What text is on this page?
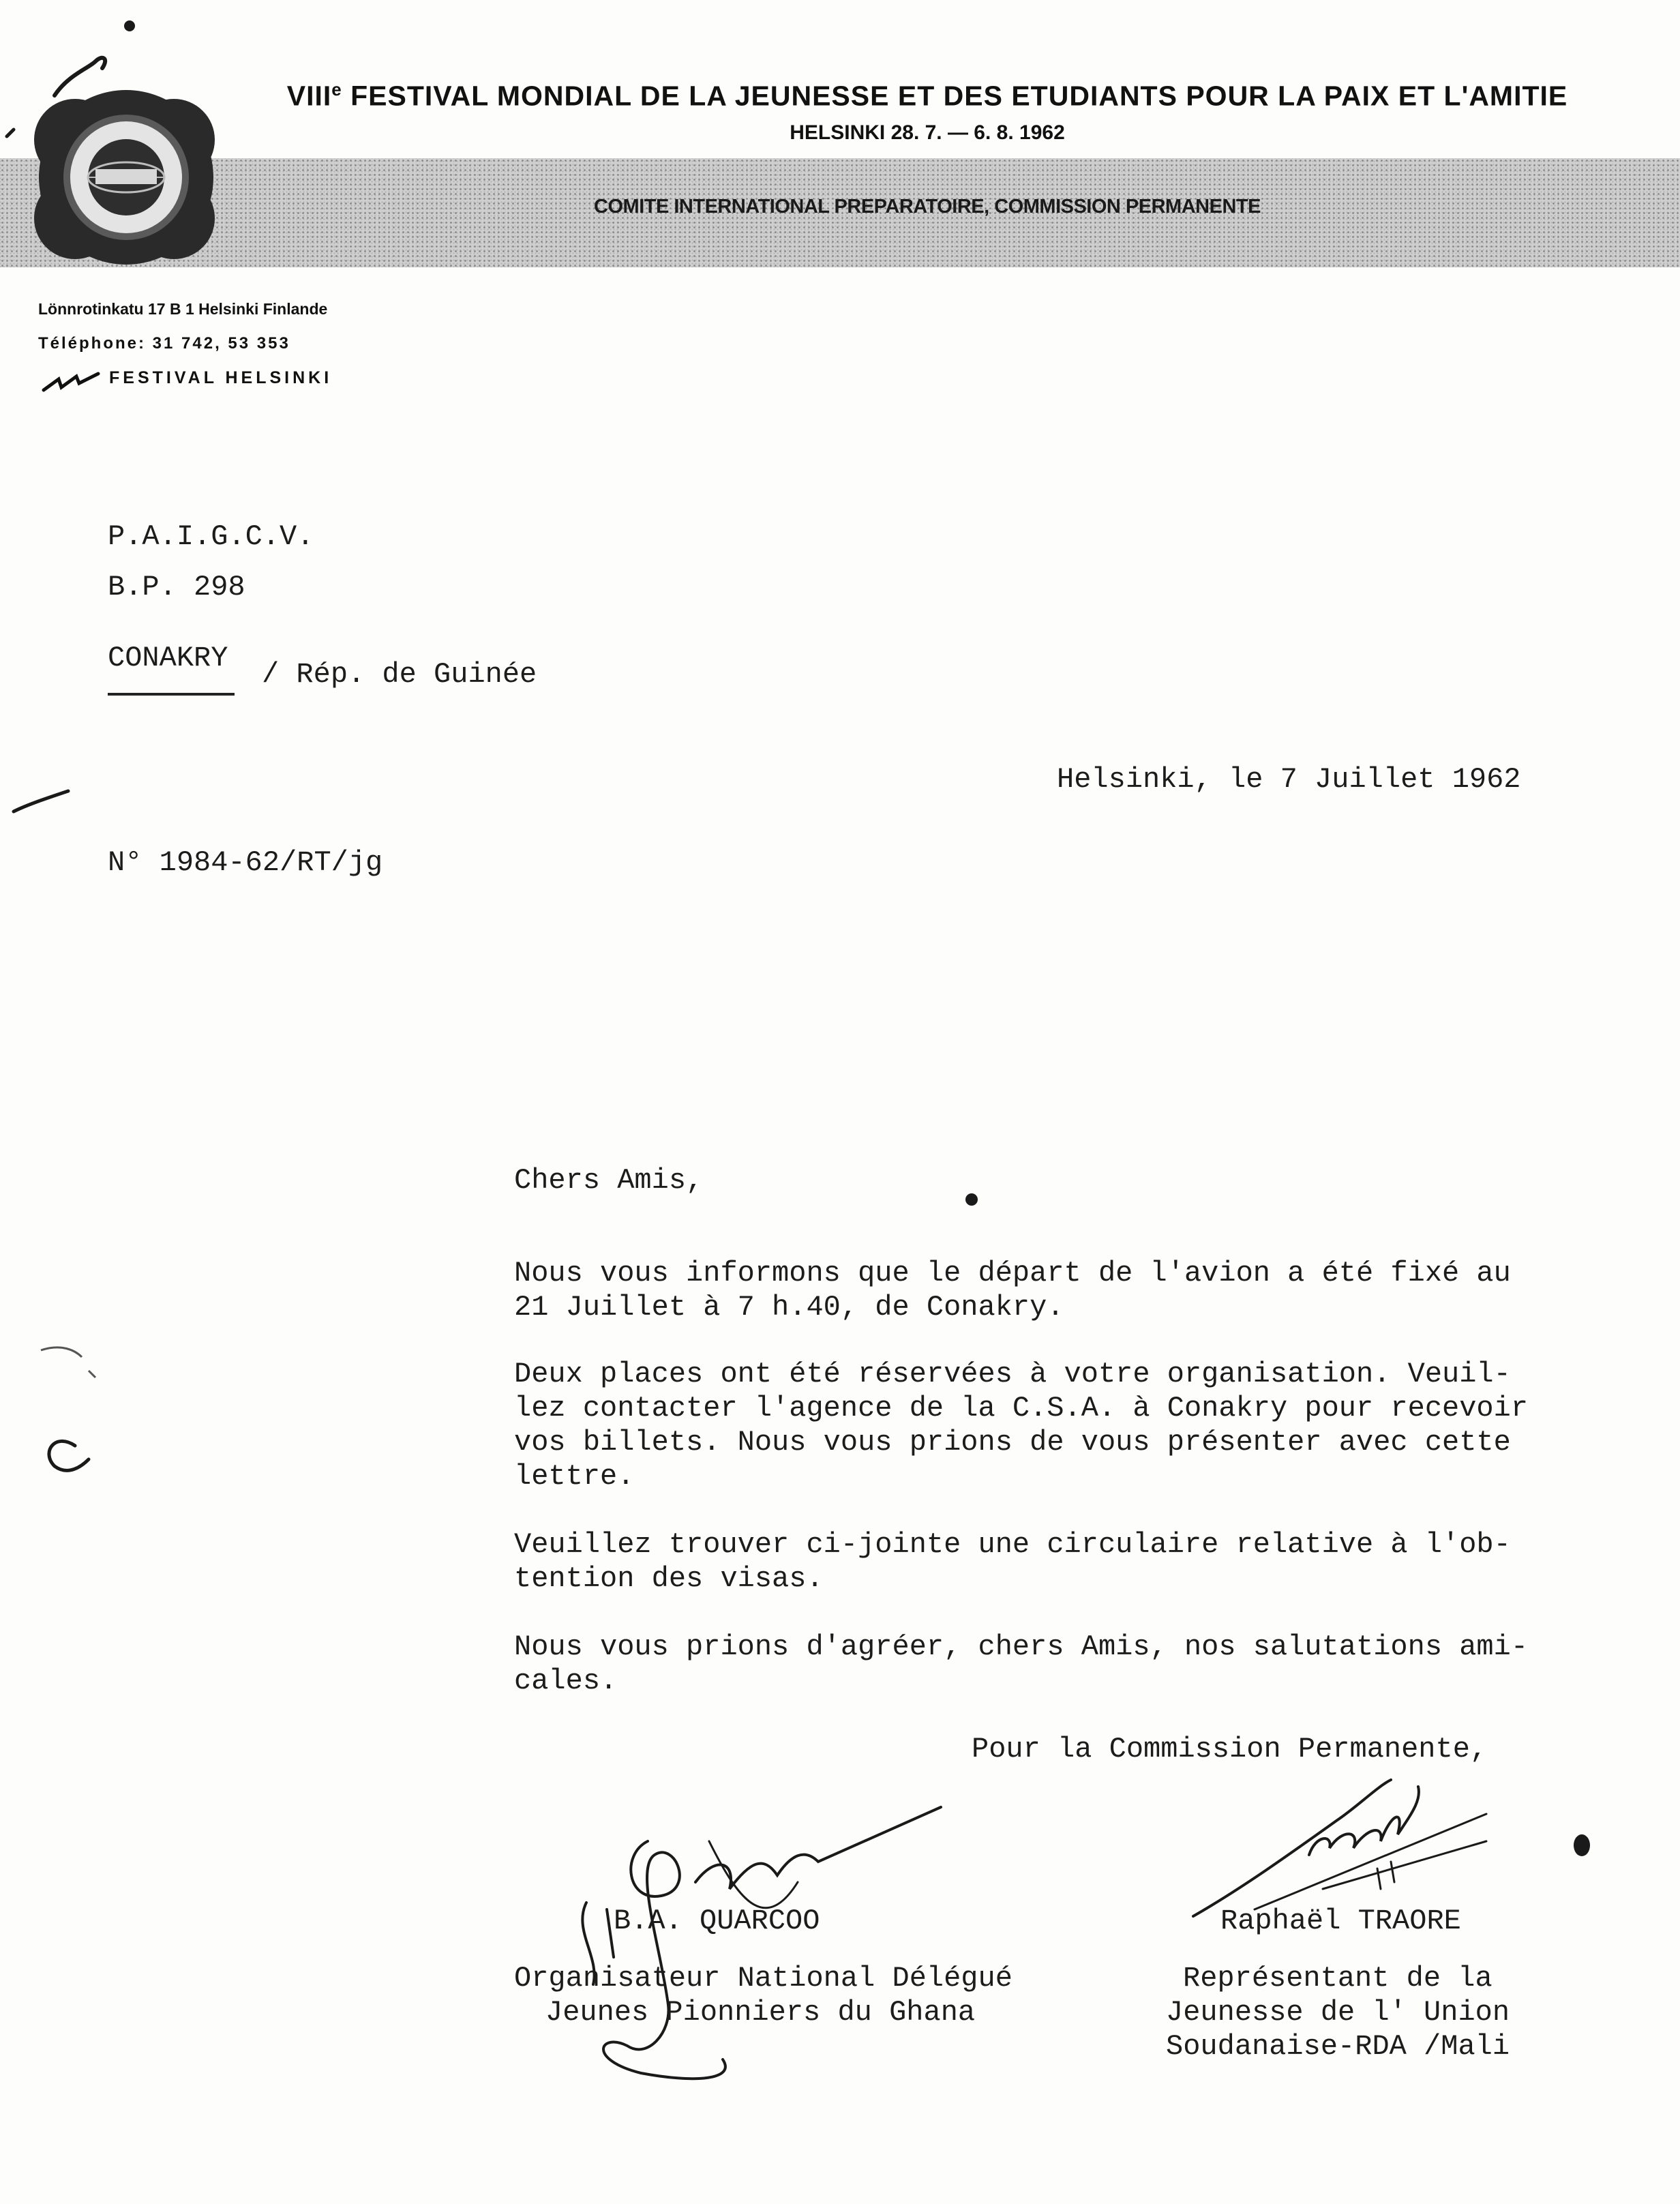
VIIIe FESTIVAL MONDIAL DE LA JEUNESSE ET DES ETUDIANTS POUR LA PAIX ET L'AMITIE
HELSINKI 28. 7. — 6. 8. 1962
COMITE INTERNATIONAL PREPARATOIRE, COMMISSION PERMANENTE
Lönnrotinkatu 17 B 1 Helsinki Finlande
Téléphone: 31 742, 53 353
FESTIVAL HELSINKI
P.A.I.G.C.V.
B.P. 298
CONAKRY / Rép. de Guinée
Helsinki, le 7 Juillet 1962
N° 1984-62/RT/jg
Chers Amis,
Nous vous informons que le départ de l'avion a été fixé au
21 Juillet à 7 h.40, de Conakry.
Deux places ont été réservées à votre organisation. Veuil-
lez contacter l'agence de la C.S.A. à Conakry pour recevoir
vos billets. Nous vous prions de vous présenter avec cette
lettre.
Veuillez trouver ci-jointe une circulaire relative à l'ob-
tention des visas.
Nous vous prions d'agréer, chers Amis, nos salutations ami-
cales.
Pour la Commission Permanente,
B.A. QUARCOO
Organisateur National Délégué
Jeunes Pionniers du Ghana
Raphaël TRAORE
Représentant de la
Jeunesse de l' Union
Soudanaise-RDA /Mali
